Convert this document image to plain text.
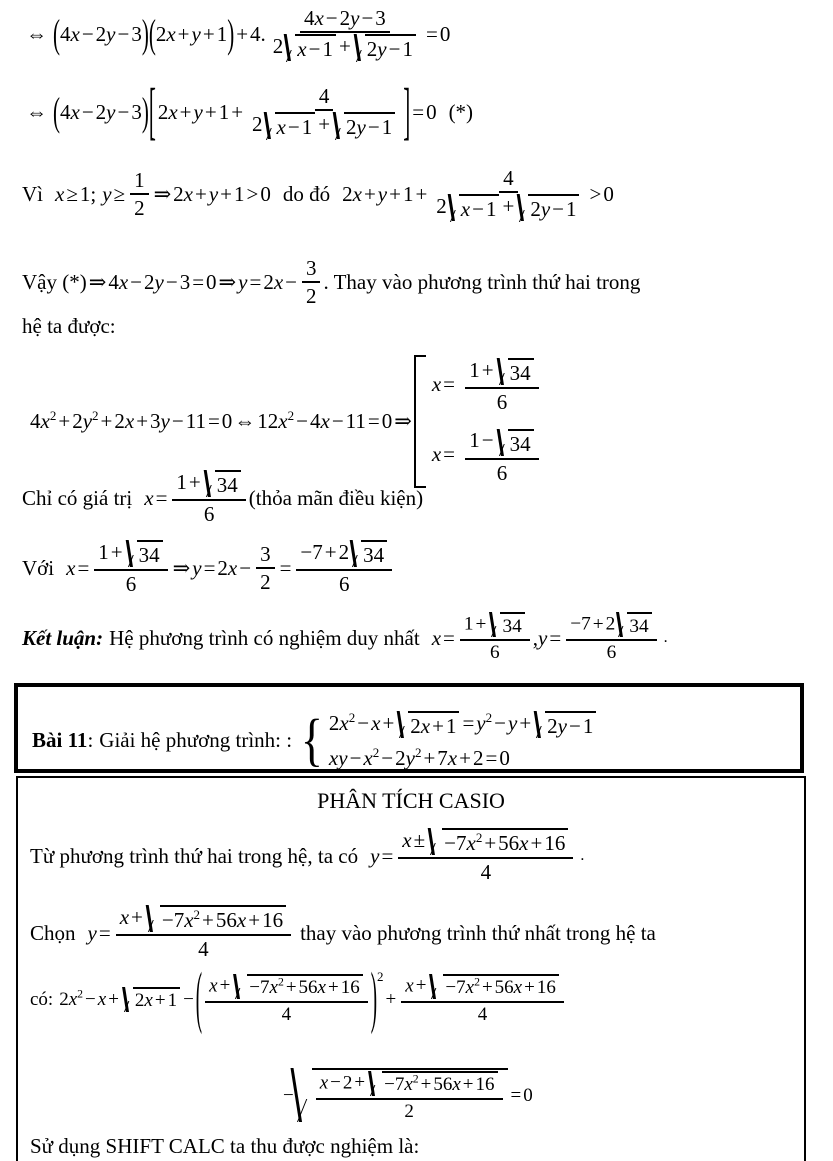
⇔ ( 4x−2y−3 ) ( 2x+y+1 ) + 4. $\frac{4x-2y-3}{2 x-1 + 2y-1} = 0$
⇔ ( 4x−2y−3 ) [ $2x+y+1+ \frac{4}{2 x-1 + 2y-1}$ ] = 0 (*)
Vì x ≥ 1; $y \ge \frac{1}{2}$ ⇒ 2 x + y + 1 > 0 do đó 2 $x + y + 1 + \frac{4}{2 x-1 + 2y-1} > 0$
Vậy (*) ⇒ 4 x − 2 y − 3 = 0 ⇒ y = 2 $x - \frac{3}{2}$ . Thay vào phương trình thứ hai trong
hệ ta được:
4 $x^2 + 2$ $y^2 + 2$ x + 3 y − 11 = 0 ⇔ 12 $x^2 - 4$ x − 11 = 0 ⇒
$x= \frac{1+ 34}{6}$
$x= \frac{1- 34}{6}$
Chỉ có giá trị $x = \frac{1+ 34}{6}$ (thỏa mãn điều kiện)
Với $x = \frac{1+ 34}{6}$ ⇒ y = 2 $x - \frac{3}{2} = \frac{-7+2 34}{6}$
Kết luận: Hệ phương trình có nghiệm duy nhất $x = \frac{1 + 34}{6}$ , $y = \frac{-7 + 2 34}{6}$ .
Bài 11 : Giải hệ phương trình: : { $2x^2-x+ 2x+1 =y^2-y+ 2y-1$
$xy-x^2-2y^2+7x+2=0$
PHÂN TÍCH CASIO
Từ phương trình thứ hai trong hệ, ta có $y = \frac{x\pm -7x^2+56x+16}{4}$ .
Chọn $y = \frac{x+ -7x^2+56x+16}{4}$ thay vào phương trình thứ nhất trong hệ ta
có: 2 $x^2 - x + 2x + 1$ − ( $\frac{x + -7x^2 + 56x + 16}{4}$ ) 2
+ $\frac{x + -7x^2 + 56x + 16}{4}$
− $\frac{x - 2 + -7x^2 + 56x + 16}{2} = 0$
Sử dụng SHIFT CALC ta thu được nghiệm là:
